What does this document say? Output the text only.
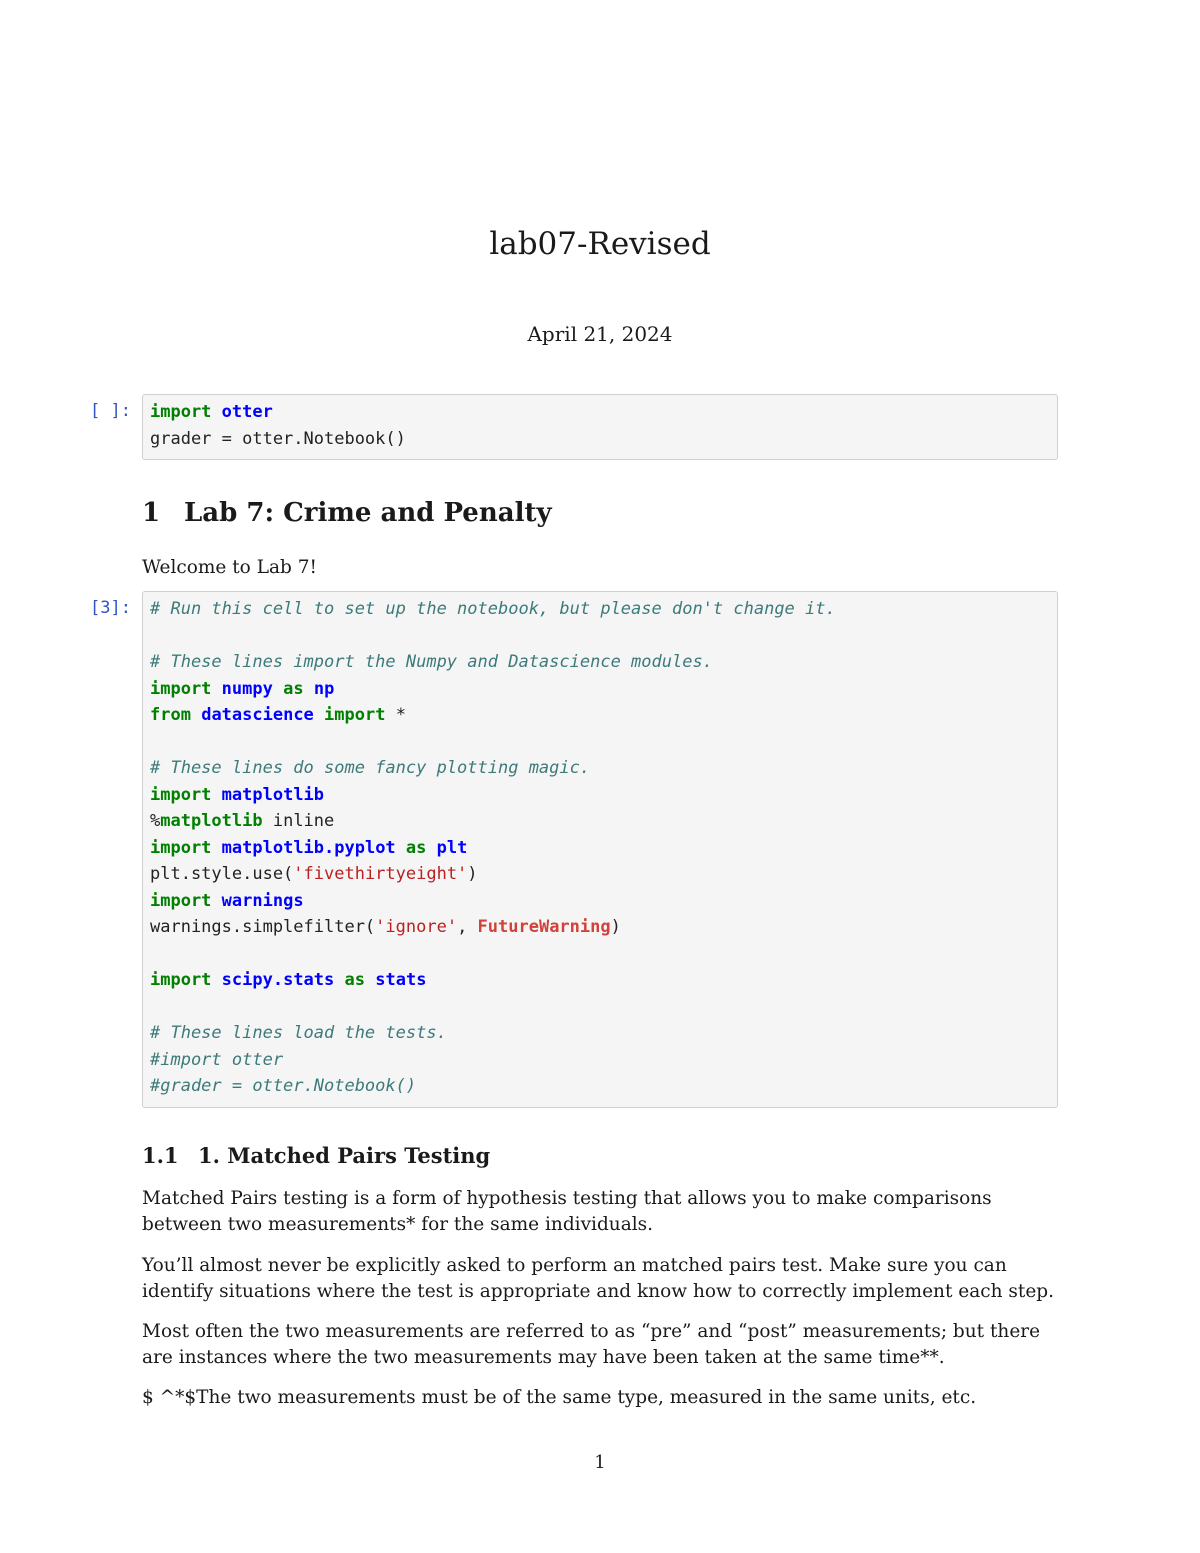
lab07-Revised
April 21, 2024
[ ]: import otter
grader = otter.Notebook()
1 Lab 7: Crime and Penalty

Welcome to Lab 7!

[3]: # Run this cell to set up the notebook, but please don't change it.
# These lines import the Numpy and Datascience modules.
import numpy as np
from datascience import *
# These lines do some fancy plotting magic.
import matplotlib
%matplotlib inline
import matplotlib.pyplot as plt
plt.style.use('fivethirtyeight')
import warnings
warnings.simplefilter('ignore', FutureWarning)
import scipy.stats as stats
# These lines load the tests.
#import otter
#grader = otter.Notebook()
1.1 1. Matched Pairs Testing

Matched Pairs testing is a form of hypothesis testing that allows you to make comparisons between two measurements* for the same individuals.

You’ll almost never be explicitly asked to perform an matched pairs test. Make sure you can identify situations where the test is appropriate and know how to correctly implement each step.

Most often the two measurements are referred to as “pre” and “post” measurements; but there are instances where the two measurements may have been taken at the same time**.

$ ^*$The two measurements must be of the same type, measured in the same units, etc.

1
